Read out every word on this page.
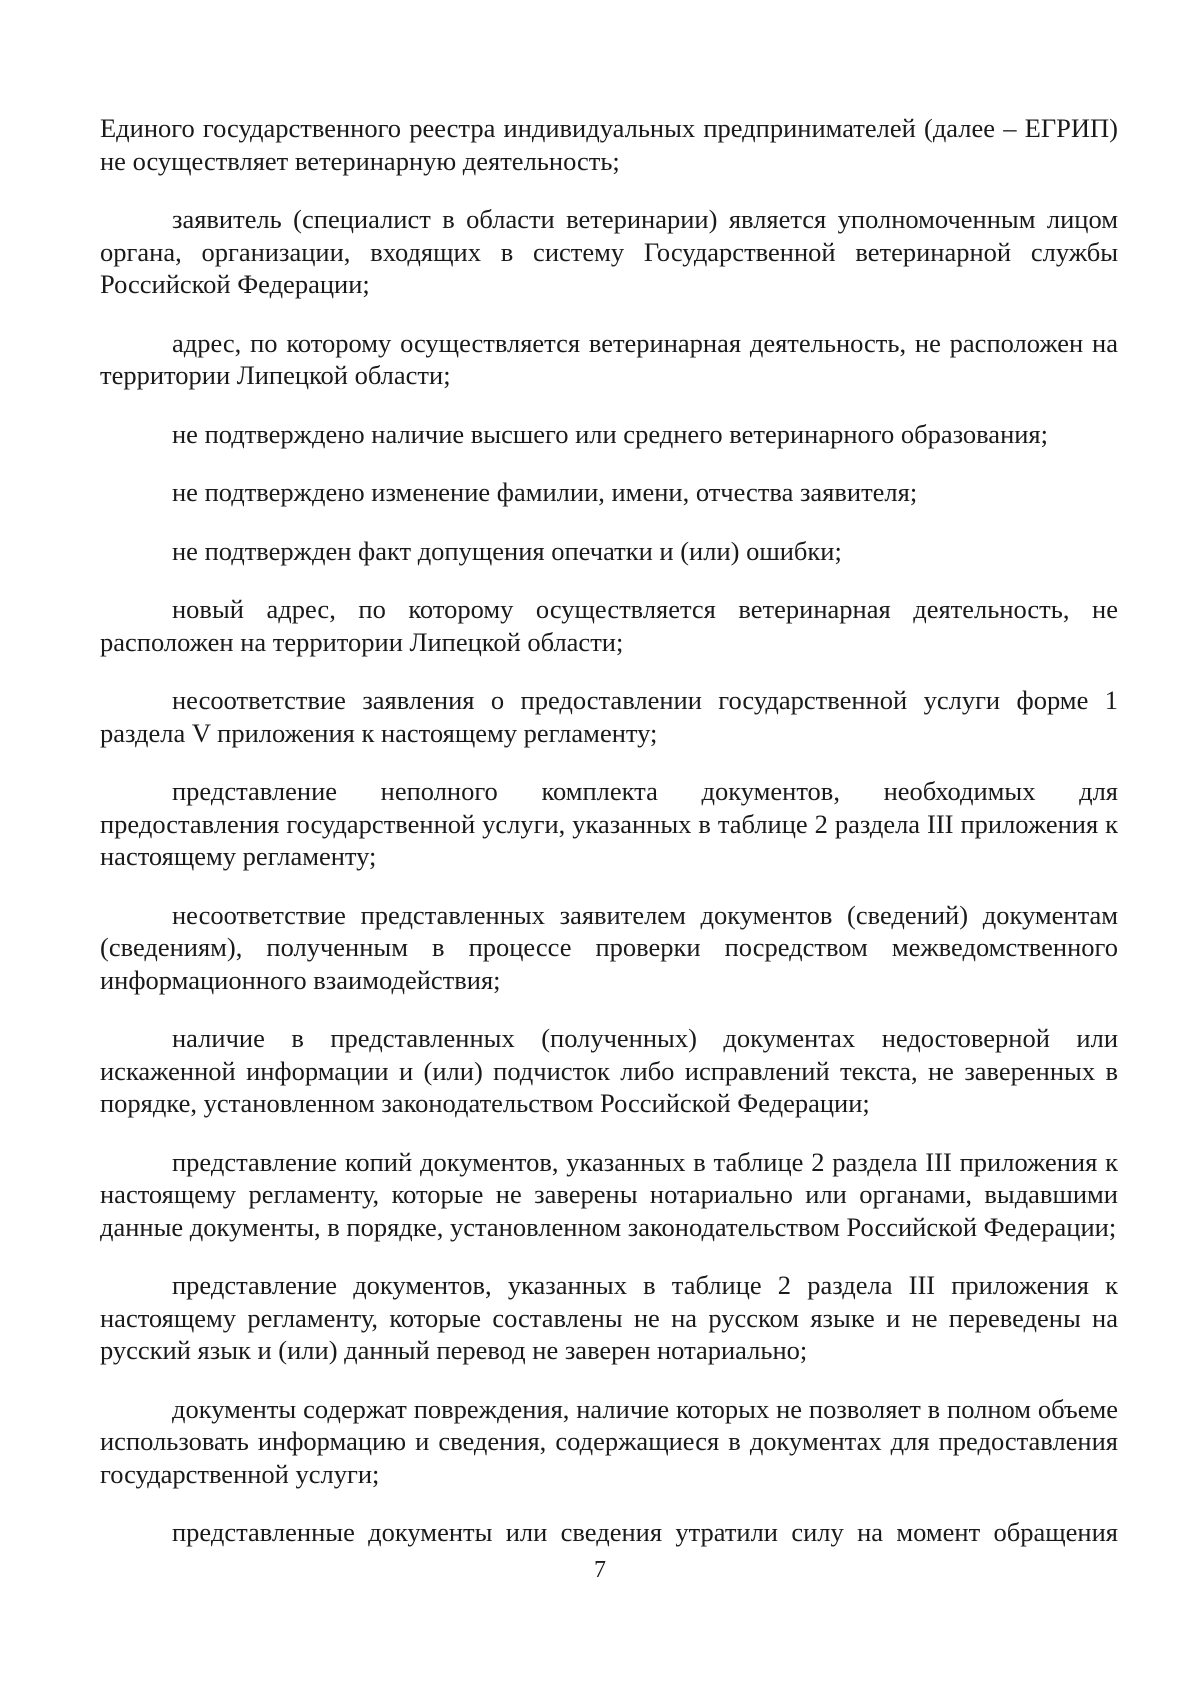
Единого государственного реестра индивидуальных предпринимателей (далее – ЕГРИП) не осуществляет ветеринарную деятельность;

заявитель (специалист в области ветеринарии) является уполномоченным лицом органа, организации, входящих в систему Государственной ветеринарной службы Российской Федерации;

адрес, по которому осуществляется ветеринарная деятельность, не расположен на территории Липецкой области;

не подтверждено наличие высшего или среднего ветеринарного образования;

не подтверждено изменение фамилии, имени, отчества заявителя;

не подтвержден факт допущения опечатки и (или) ошибки;

новый адрес, по которому осуществляется ветеринарная деятельность, не расположен на территории Липецкой области;

несоответствие заявления о предоставлении государственной услуги форме 1 раздела V приложения к настоящему регламенту;

представление неполного комплекта документов, необходимых для предоставления государственной услуги, указанных в таблице 2 раздела III приложения к настоящему регламенту;

несоответствие представленных заявителем документов (сведений) документам (сведениям), полученным в процессе проверки посредством межведомственного информационного взаимодействия;

наличие в представленных (полученных) документах недостоверной или искаженной информации и (или) подчисток либо исправлений текста, не заверенных в порядке, установленном законодательством Российской Федерации;

представление копий документов, указанных в таблице 2 раздела III приложения к настоящему регламенту, которые не заверены нотариально или органами, выдавшими данные документы, в порядке, установленном законодательством Российской Федерации;

представление документов, указанных в таблице 2 раздела III приложения к настоящему регламенту, которые составлены не на русском языке и не переведены на русский язык и (или) данный перевод не заверен нотариально;

документы содержат повреждения, наличие которых не позволяет в полном объеме использовать информацию и сведения, содержащиеся в документах для предоставления государственной услуги;

представленные документы или сведения утратили силу на момент обращения

7
